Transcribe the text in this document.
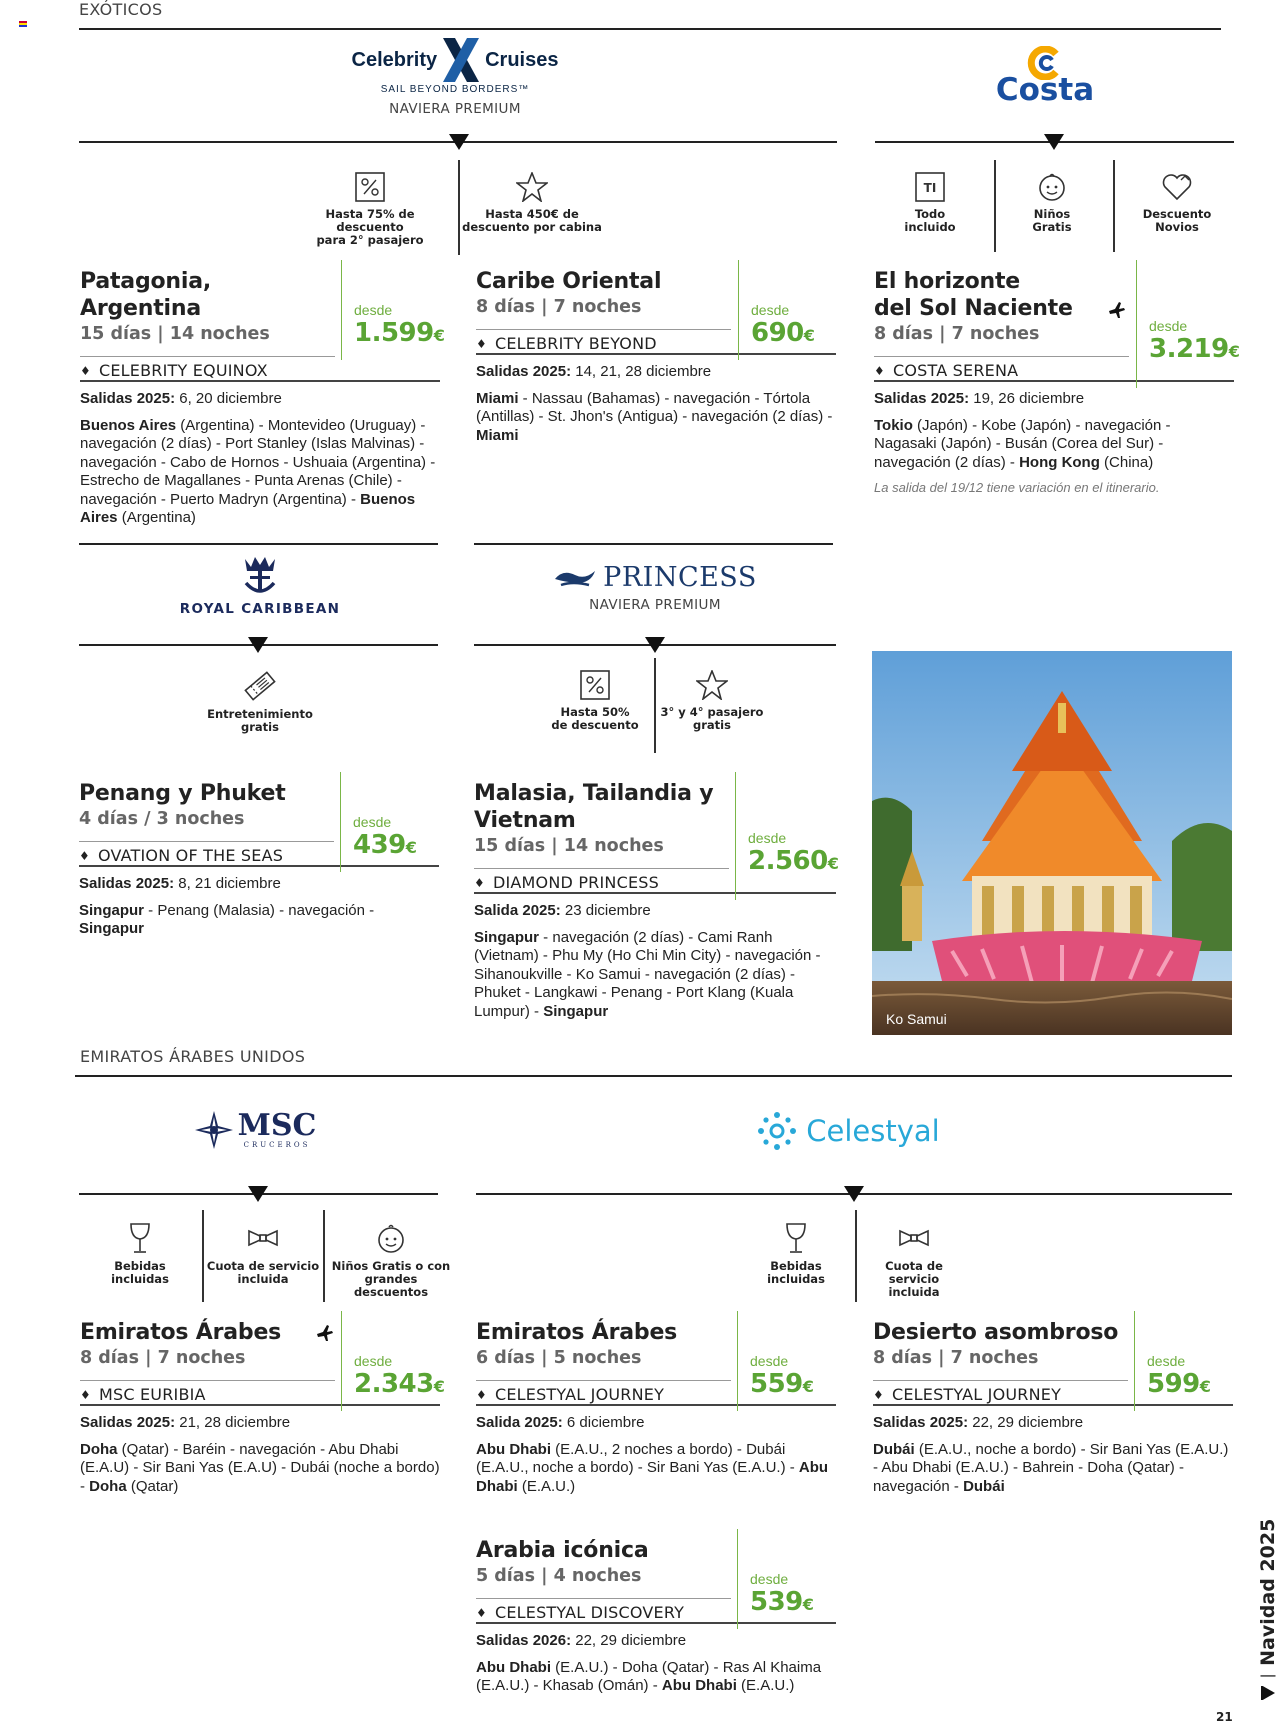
EXÓTICOS
Celebrity Cruises
SAIL BEYOND BORDERS™
NAVIERA PREMIUM
Costa
Hasta 75% de descuento
para 2° pasajero
Hasta 450€ de
descuento por cabina
TI
Todo
incluido
Niños
Gratis
Descuento
Novios
Patagonia, Argentina
15 días | 14 noches
♦ CELEBRITY EQUINOX
Salidas 2025: 6, 20 diciembre
Buenos Aires (Argentina) - Montevideo (Uruguay) - navegación (2 días) - Port Stanley (Islas Malvinas) - navegación - Cabo de Hornos - Ushuaia (Argentina) - Estrecho de Magallanes - Punta Arenas (Chile) - navegación - Puerto Madryn (Argentina) - Buenos Aires (Argentina)
desde
1.599€
Caribe Oriental
8 días | 7 noches
♦ CELEBRITY BEYOND
Salidas 2025: 14, 21, 28 diciembre
Miami - Nassau (Bahamas) - navegación - Tórtola (Antillas) - St. Jhon's (Antigua) - navegación (2 días) - Miami
desde
690€
El horizonte
del Sol Naciente
8 días | 7 noches
♦ COSTA SERENA
Salidas 2025: 19, 26 diciembre
Tokio (Japón) - Kobe (Japón) - navegación - Nagasaki (Japón) - Busán (Corea del Sur) - navegación (2 días) - Hong Kong (China)
La salida del 19/12 tiene variación en el itinerario.
desde
3.219€
ROYAL CARIBBEAN
PRINCESS
NAVIERA PREMIUM
Entretenimiento
gratis
Hasta 50%
de descuento
3° y 4° pasajero
gratis
Penang y Phuket
4 días / 3 noches
♦ OVATION OF THE SEAS
Salidas 2025: 8, 21 diciembre
Singapur - Penang (Malasia) - navegación - Singapur
desde
439€
Malasia, Tailandia y
Vietnam
15 días | 14 noches
♦ DIAMOND PRINCESS
Salida 2025: 23 diciembre
Singapur - navegación (2 días) - Cami Ranh (Vietnam) - Phu My (Ho Chi Min City) - navegación - Sihanoukville - Ko Samui - navegación (2 días) - Phuket - Langkawi - Penang - Port Klang (Kuala Lumpur) - Singapur
desde
2.560€
Ko Samui
EMIRATOS ÁRABES UNIDOS
MSC
CRUCEROS	Celestyal
Bebidas
incluidas
Cuota de servicio
incluida
Niños Gratis o con
grandes descuentos
Bebidas
incluidas
Cuota de servicio
incluida
Emiratos Árabes
8 días | 7 noches
♦ MSC EURIBIA
Salidas 2025: 21, 28 diciembre
Doha (Qatar) - Baréin - navegación - Abu Dhabi (E.A.U) - Sir Bani Yas (E.A.U) - Dubái (noche a bordo) - Doha (Qatar)
desde
2.343€
Emiratos Árabes
6 días | 5 noches
♦ CELESTYAL JOURNEY
Salida 2025: 6 diciembre
Abu Dhabi (E.A.U., 2 noches a bordo) - Dubái (E.A.U., noche a bordo) - Sir Bani Yas (E.A.U.) - Abu Dhabi (E.A.U.)
desde
559€
Desierto asombroso
8 días | 7 noches
♦ CELESTYAL JOURNEY
Salidas 2025: 22, 29 diciembre
Dubái (E.A.U., noche a bordo) - Sir Bani Yas (E.A.U.) - Abu Dhabi (E.A.U.) - Bahrein - Doha (Qatar) - navegación - Dubái
desde
599€
Arabia icónica
5 días | 4 noches
♦ CELESTYAL DISCOVERY
Salidas 2026: 22, 29 diciembre
Abu Dhabi (E.A.U.) - Doha (Qatar) - Ras Al Khaima (E.A.U.) - Khasab (Omán) - Abu Dhabi (E.A.U.)
desde
539€
|
Navidad 2025
21
